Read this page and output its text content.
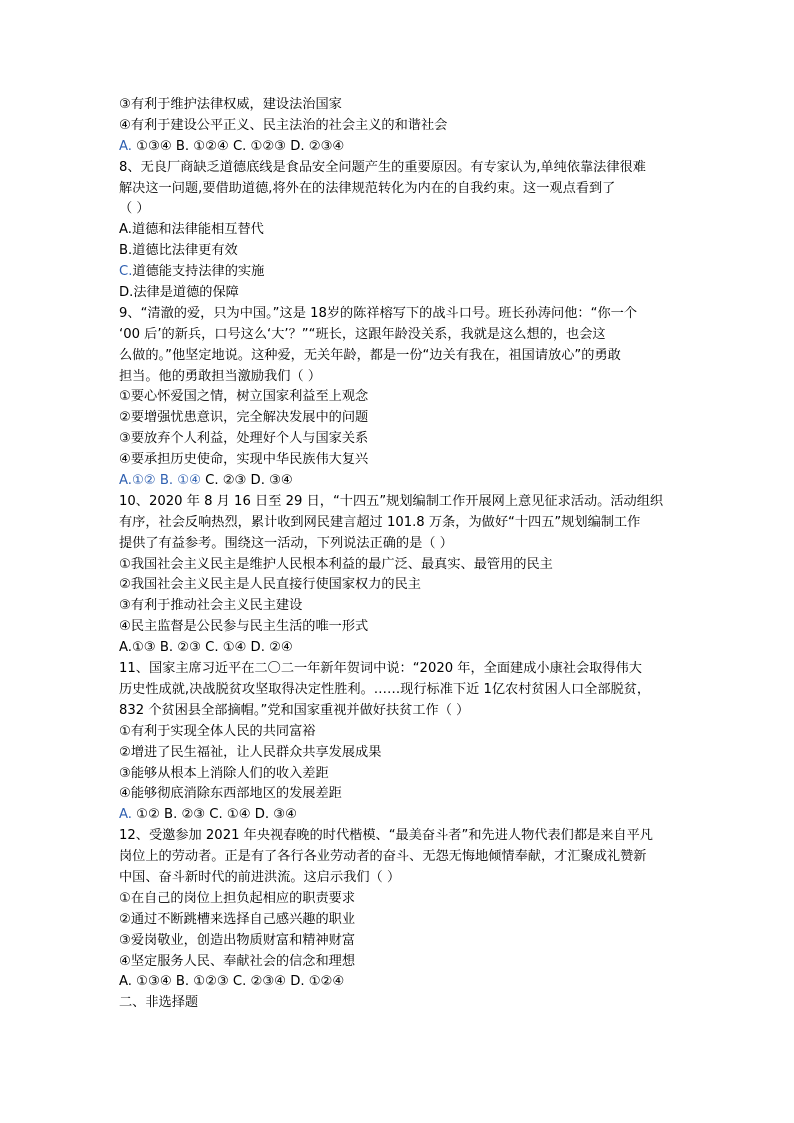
③有利于维护法律权威，建设法治国家
④有利于建设公平正义、民主法治的社会主义的和谐社会
A. ①③④ B. ①②④ C. ①②③ D. ②③④
8、无良厂商缺乏道德底线是食品安全问题产生的重要原因。有专家认为,单纯依靠法律很难
解决这一问题,要借助道德,将外在的法律规范转化为内在的自我约束。这一观点看到了
（ ）
A.道德和法律能相互替代
B.道德比法律更有效
C.道德能支持法律的实施
D.法律是道德的保障
9、“清澈的爱，只为中国。”这是 18岁的陈祥榕写下的战斗口号。班长孙涛问他：“你一个
‘00 后’的新兵，口号这么‘大’？”“班长，这跟年龄没关系，我就是这么想的，也会这
么做的。”他坚定地说。这种爱，无关年龄，都是一份“边关有我在，祖国请放心”的勇敢
担当。他的勇敢担当激励我们（ ）
①要心怀爱国之情，树立国家利益至上观念
②要增强忧患意识，完全解决发展中的问题
③要放弃个人利益，处理好个人与国家关系
④要承担历史使命，实现中华民族伟大复兴
A.①② B. ①④ C. ②③ D. ③④
10、2020 年 8 月 16 日至 29 日，“十四五”规划编制工作开展网上意见征求活动。活动组织
有序，社会反响热烈，累计收到网民建言超过 101.8 万条，为做好“十四五”规划编制工作
提供了有益参考。围绕这一活动，下列说法正确的是（ ）
①我国社会主义民主是维护人民根本利益的最广泛、最真实、最管用的民主
②我国社会主义民主是人民直接行使国家权力的民主
③有利于推动社会主义民主建设
④民主监督是公民参与民主生活的唯一形式
A.①③ B. ②③ C. ①④ D. ②④
11、国家主席习近平在二〇二一年新年贺词中说：“2020 年，全面建成小康社会取得伟大
历史性成就,决战脱贫攻坚取得决定性胜利。……现行标准下近 1亿农村贫困人口全部脱贫，
832 个贫困县全部摘帽。”党和国家重视并做好扶贫工作（ ）
①有利于实现全体人民的共同富裕
②增进了民生福祉，让人民群众共享发展成果
③能够从根本上消除人们的收入差距
④能够彻底消除东西部地区的发展差距
A. ①② B. ②③ C. ①④ D. ③④
12、受邀参加 2021 年央视春晚的时代楷模、“最美奋斗者”和先进人物代表们都是来自平凡
岗位上的劳动者。正是有了各行各业劳动者的奋斗、无怨无悔地倾情奉献，才汇聚成礼赞新
中国、奋斗新时代的前进洪流。这启示我们（ ）
①在自己的岗位上担负起相应的职责要求
②通过不断跳槽来选择自己感兴趣的职业
③爱岗敬业，创造出物质财富和精神财富
④坚定服务人民、奉献社会的信念和理想
A. ①③④ B. ①②③ C. ②③④ D. ①②④
二、非选择题
